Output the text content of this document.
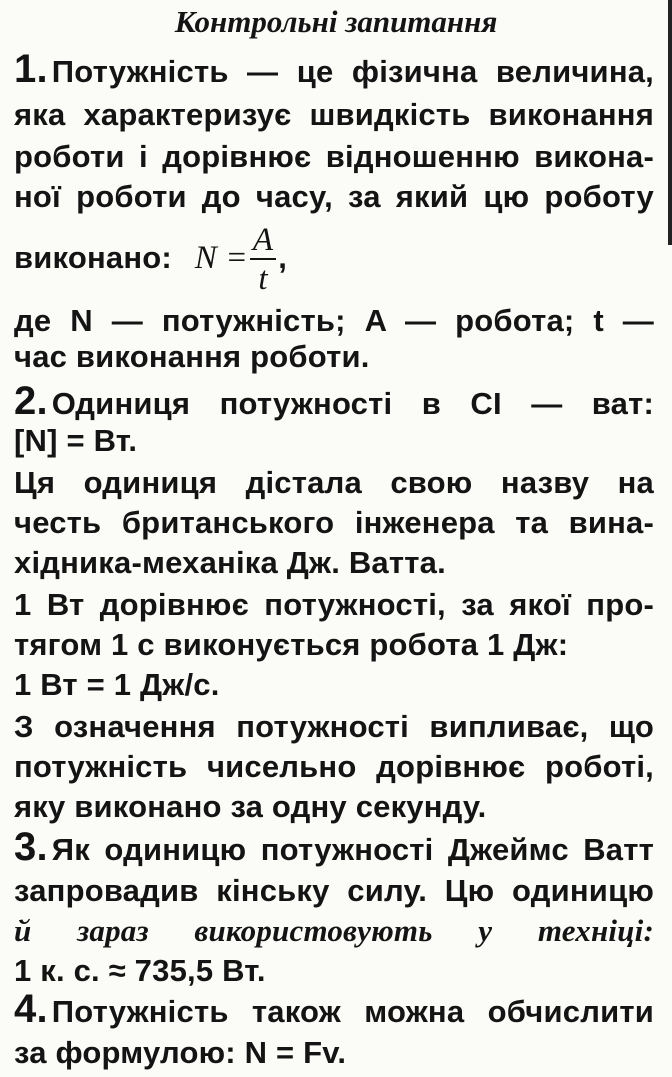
Контрольні запитання
1. Потужність — це фізична величина,
яка характеризує швидкість виконання
роботи і дорівнює відношенню викона-
ної роботи до часу, за який цю роботу
виконано: $N = \frac{A}{t}$ ,
де N — потужність; A — робота; t —
час виконання роботи.
2. Одиниця потужності в СІ — ват:
[N] = Вт.
Ця одиниця дістала свою назву на
честь британського інженера та вина-
хідника-механіка Дж. Ватта.
1 Вт дорівнює потужності, за якої про-
тягом 1 с виконується робота 1 Дж:
1 Вт = 1 Дж/с.
З означення потужності випливає, що
потужність чисельно дорівнює роботі,
яку виконано за одну секунду.
3. Як одиницю потужності Джеймс Ватт
запровадив кінську силу. Цю одиницю
й зараз використовують у техніці:
1 к. с. ≈ 735,5 Вт.
4. Потужність також можна обчислити
за формулою: N = Fv.
